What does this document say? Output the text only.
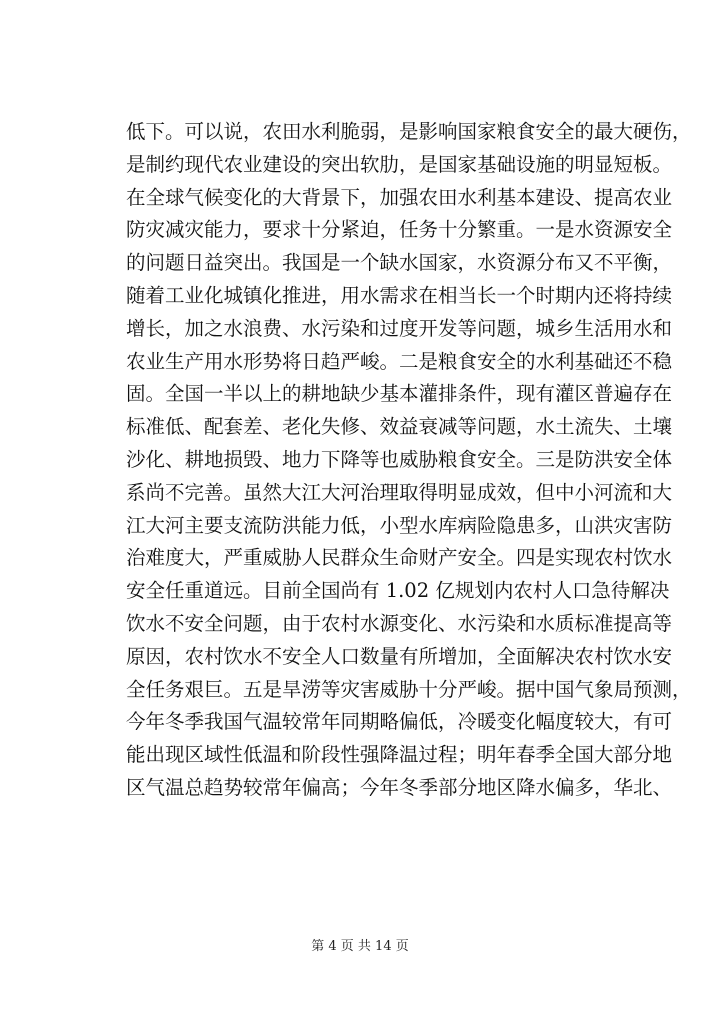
低下。可以说，农田水利脆弱，是影响国家粮食安全的最大硬伤，
是制约现代农业建设的突出软肋，是国家基础设施的明显短板。
在全球气候变化的大背景下，加强农田水利基本建设、提高农业
防灾减灾能力，要求十分紧迫，任务十分繁重。一是水资源安全
的问题日益突出。我国是一个缺水国家，水资源分布又不平衡，
随着工业化城镇化推进，用水需求在相当长一个时期内还将持续
增长，加之水浪费、水污染和过度开发等问题，城乡生活用水和
农业生产用水形势将日趋严峻。二是粮食安全的水利基础还不稳
固。全国一半以上的耕地缺少基本灌排条件，现有灌区普遍存在
标准低、配套差、老化失修、效益衰减等问题，水土流失、土壤
沙化、耕地损毁、地力下降等也威胁粮食安全。三是防洪安全体
系尚不完善。虽然大江大河治理取得明显成效，但中小河流和大
江大河主要支流防洪能力低，小型水库病险隐患多，山洪灾害防
治难度大，严重威胁人民群众生命财产安全。四是实现农村饮水
安全任重道远。目前全国尚有 1.02 亿规划内农村人口急待解决
饮水不安全问题，由于农村水源变化、水污染和水质标准提高等
原因，农村饮水不安全人口数量有所增加，全面解决农村饮水安
全任务艰巨。五是旱涝等灾害威胁十分严峻。据中国气象局预测，
今年冬季我国气温较常年同期略偏低，冷暖变化幅度较大，有可
能出现区域性低温和阶段性强降温过程；明年春季全国大部分地
区气温总趋势较常年偏高；今年冬季部分地区降水偏多，华北、
第 4 页 共 14 页
